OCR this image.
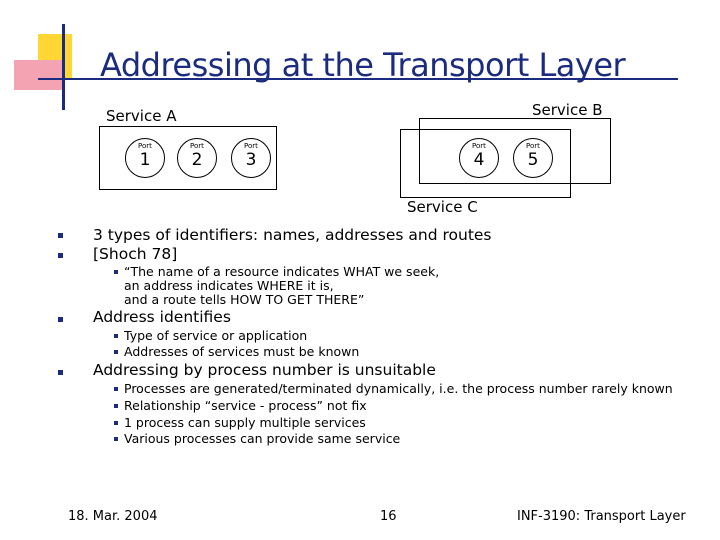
Addressing at the Transport Layer
Service A	Service B
Service C
Port
1
Port
2
Port
3
Port
4
Port
5
3 types of identifiers: names, addresses and routes
[Shoch 78]
“The name of a resource indicates WHAT we seek,
an address indicates WHERE it is,
and a route tells HOW TO GET THERE”
Address identifies
Type of service or application
Addresses of services must be known
Addressing by process number is unsuitable
Processes are generated/terminated dynamically, i.e. the process number rarely known
Relationship “service - process” not fix
1 process can supply multiple services
Various processes can provide same service
18. Mar. 2004	16	INF-3190: Transport Layer
